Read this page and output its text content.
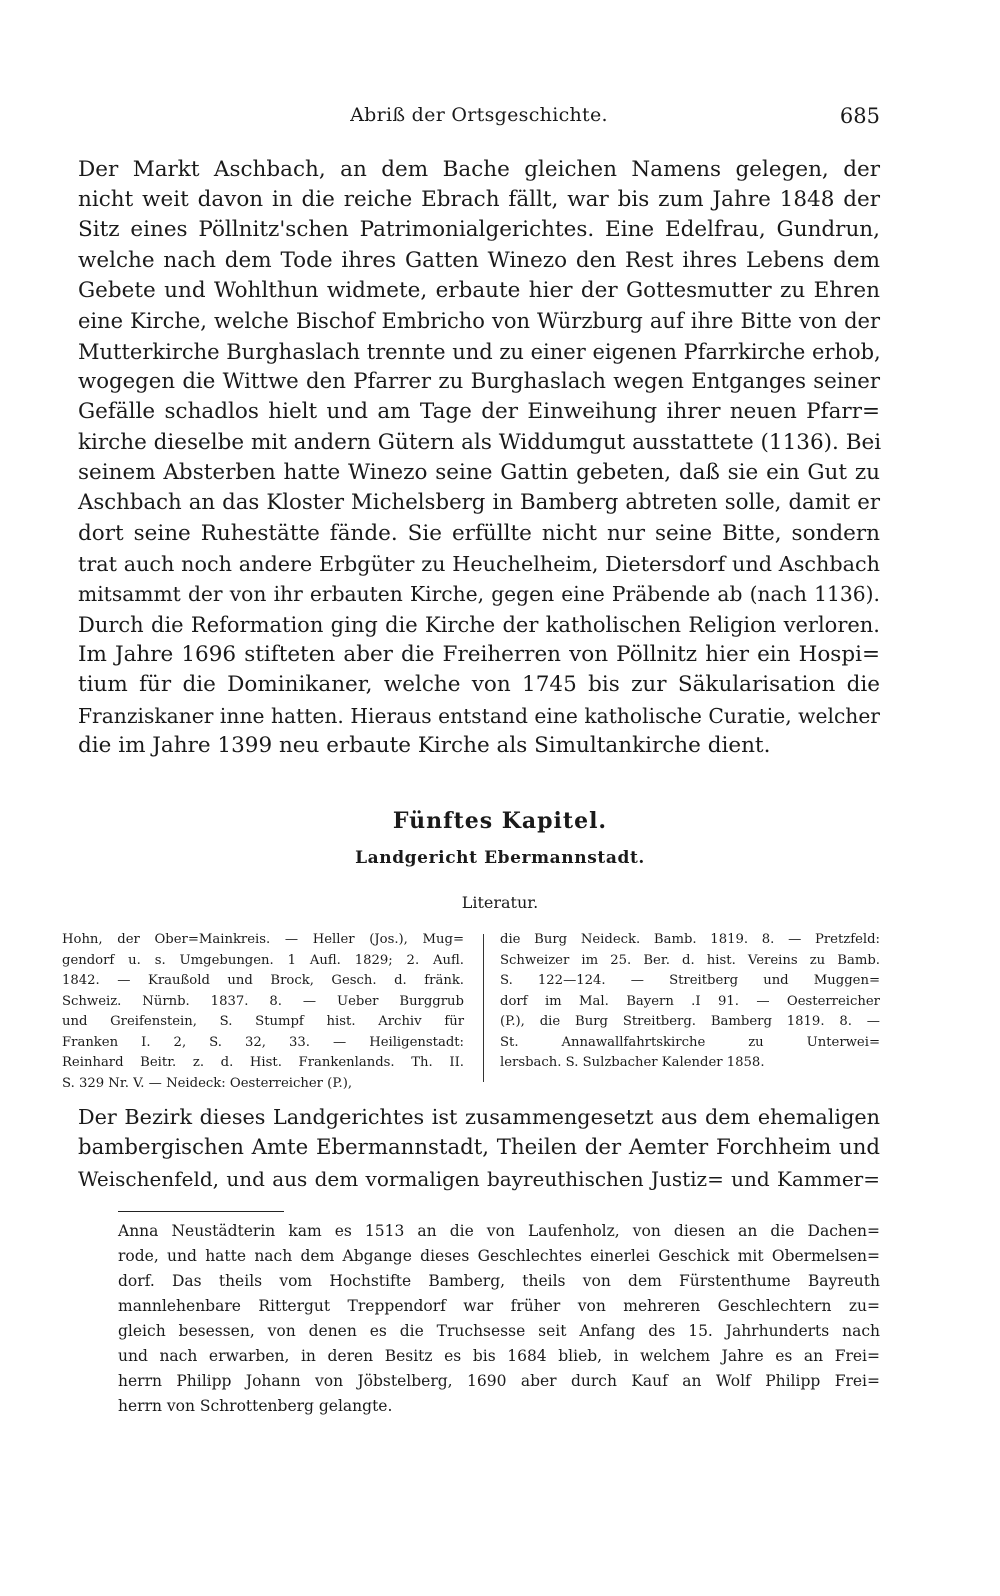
Abriß der Ortsgeschichte.	685
Der Markt Aschbach, an dem Bache gleichen Namens gelegen, der
nicht weit davon in die reiche Ebrach fällt, war bis zum Jahre 1848 der
Sitz eines Pöllnitz'schen Patrimonialgerichtes. Eine Edelfrau, Gundrun,
welche nach dem Tode ihres Gatten Winezo den Rest ihres Lebens dem
Gebete und Wohlthun widmete, erbaute hier der Gottesmutter zu Ehren
eine Kirche, welche Bischof Embricho von Würzburg auf ihre Bitte von der
Mutterkirche Burghaslach trennte und zu einer eigenen Pfarrkirche erhob,
wogegen die Wittwe den Pfarrer zu Burghaslach wegen Entganges seiner
Gefälle schadlos hielt und am Tage der Einweihung ihrer neuen Pfarr=
kirche dieselbe mit andern Gütern als Widdumgut ausstattete (1136). Bei
seinem Absterben hatte Winezo seine Gattin gebeten, daß sie ein Gut zu
Aschbach an das Kloster Michelsberg in Bamberg abtreten solle, damit er
dort seine Ruhestätte fände. Sie erfüllte nicht nur seine Bitte, sondern
trat auch noch andere Erbgüter zu Heuchelheim, Dietersdorf und Aschbach
mitsammt der von ihr erbauten Kirche, gegen eine Präbende ab (nach 1136).
Durch die Reformation ging die Kirche der katholischen Religion verloren.
Im Jahre 1696 stifteten aber die Freiherren von Pöllnitz hier ein Hospi=
tium für die Dominikaner, welche von 1745 bis zur Säkularisation die
Franziskaner inne hatten. Hieraus entstand eine katholische Curatie, welcher
die im Jahre 1399 neu erbaute Kirche als Simultankirche dient.
Fünftes Kapitel.
Landgericht Ebermannstadt.
Literatur.
Hohn, der Ober=Mainkreis. — Heller (Jos.), Mug=
gendorf u. s. Umgebungen. 1 Aufl. 1829; 2. Aufl.
1842. — Kraußold und Brock, Gesch. d. fränk.
Schweiz. Nürnb. 1837. 8. — Ueber Burggrub
und Greifenstein, S. Stumpf hist. Archiv für
Franken I. 2, S. 32, 33. — Heiligenstadt:
Reinhard Beitr. z. d. Hist. Frankenlands. Th. II.
S. 329 Nr. V. — Neideck: Oesterreicher (P.),
die Burg Neideck. Bamb. 1819. 8. — Pretzfeld:
Schweizer im 25. Ber. d. hist. Vereins zu Bamb.
S. 122—124. — Streitberg und Muggen=
dorf im Mal. Bayern .I 91. — Oesterreicher
(P.), die Burg Streitberg. Bamberg 1819. 8. —
St. Annawallfahrtskirche zu Unterwei=
lersbach. S. Sulzbacher Kalender 1858.
Der Bezirk dieses Landgerichtes ist zusammengesetzt aus dem ehemaligen
bambergischen Amte Ebermannstadt, Theilen der Aemter Forchheim und
Weischenfeld, und aus dem vormaligen bayreuthischen Justiz= und Kammer=
Anna Neustädterin kam es 1513 an die von Laufenholz, von diesen an die Dachen=
rode, und hatte nach dem Abgange dieses Geschlechtes einerlei Geschick mit Obermelsen=
dorf. Das theils vom Hochstifte Bamberg, theils von dem Fürstenthume Bayreuth
mannlehenbare Rittergut Treppendorf war früher von mehreren Geschlechtern zu=
gleich besessen, von denen es die Truchsesse seit Anfang des 15. Jahrhunderts nach
und nach erwarben, in deren Besitz es bis 1684 blieb, in welchem Jahre es an Frei=
herrn Philipp Johann von Jöbstelberg, 1690 aber durch Kauf an Wolf Philipp Frei=
herrn von Schrottenberg gelangte.
